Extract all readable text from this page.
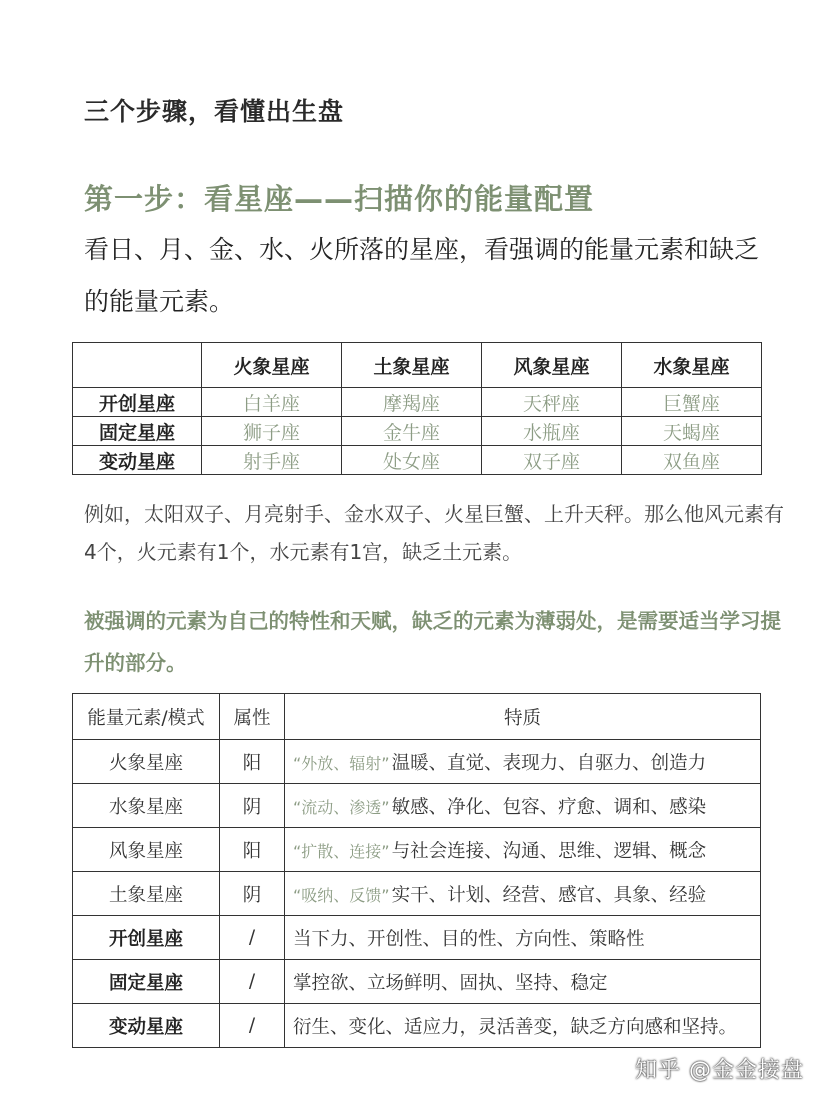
三个步骤，看懂出生盘
第一步：看星座——扫描你的能量配置
看日、月、金、水、火所落的星座，看强调的能量元素和缺乏的能量元素。
	火象星座	土象星座	风象星座	水象星座
开创星座	白羊座	摩羯座	天秤座	巨蟹座
固定星座	狮子座	金牛座	水瓶座	天蝎座
变动星座	射手座	处女座	双子座	双鱼座
例如，太阳双子、月亮射手、金水双子、火星巨蟹、上升天秤。那么他风元素有4个，火元素有1个，水元素有1宫，缺乏土元素。
被强调的元素为自己的特性和天赋，缺乏的元素为薄弱处，是需要适当学习提升的部分。
能量元素/模式	属性	特质
火象星座	阳	“外放、辐射” 温暖、直觉、表现力、自驱力、创造力
水象星座	阴	“流动、渗透” 敏感、净化、包容、疗愈、调和、感染
风象星座	阳	“扩散、连接” 与社会连接、沟通、思维、逻辑、概念
土象星座	阴	“吸纳、反馈” 实干、计划、经营、感官、具象、经验
开创星座	/	当下力、开创性、目的性、方向性、策略性
固定星座	/	掌控欲、立场鲜明、固执、坚持、稳定
变动星座	/	衍生、变化、适应力，灵活善变，缺乏方向感和坚持。
知乎 @金金接盘
